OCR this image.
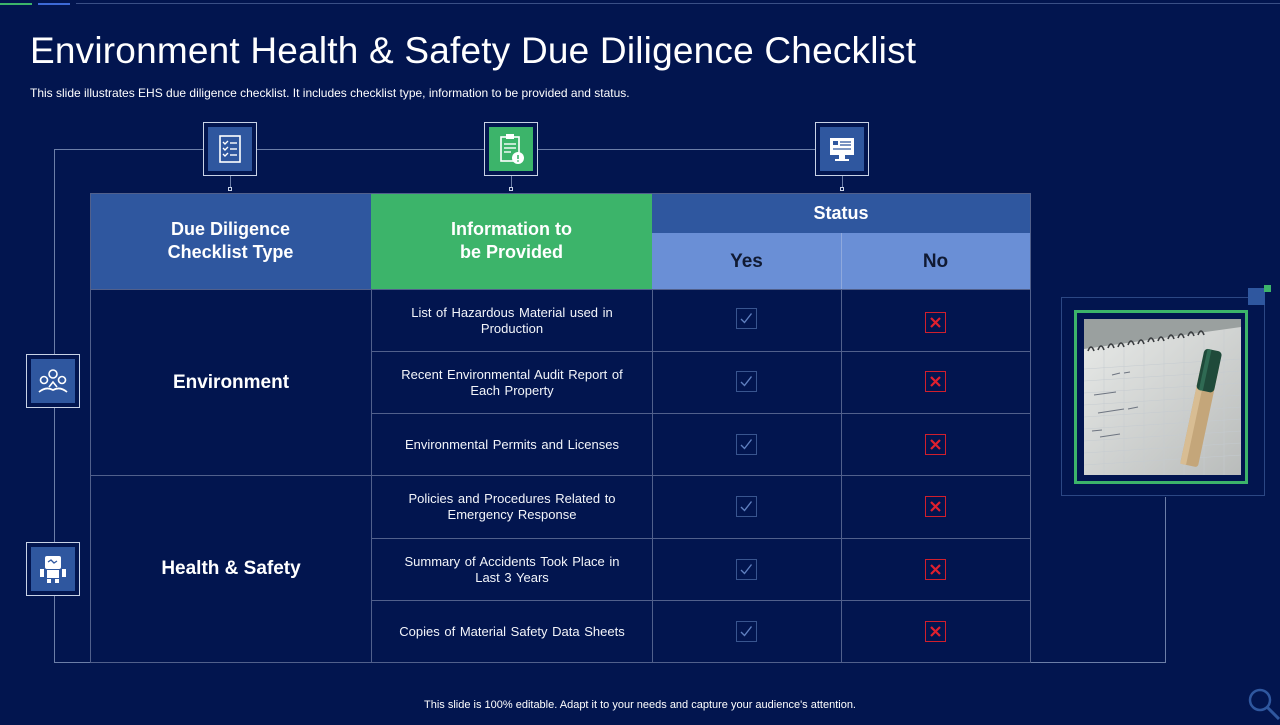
Environment Health & Safety Due Diligence Checklist
This slide illustrates EHS due diligence checklist. It includes checklist type, information to be provided and status.
Due Diligence
Checklist Type
Information to
be Provided
Status
Yes	No
Environment
Health & Safety
List of Hazardous Material used in
Production
Recent Environmental Audit Report of
Each Property
Environmental Permits and Licenses
Policies and Procedures Related to
Emergency Response
Summary of Accidents Took Place in
Last 3 Years
Copies of Material Safety Data Sheets
This slide is 100% editable. Adapt it to your needs and capture your audience's attention.
